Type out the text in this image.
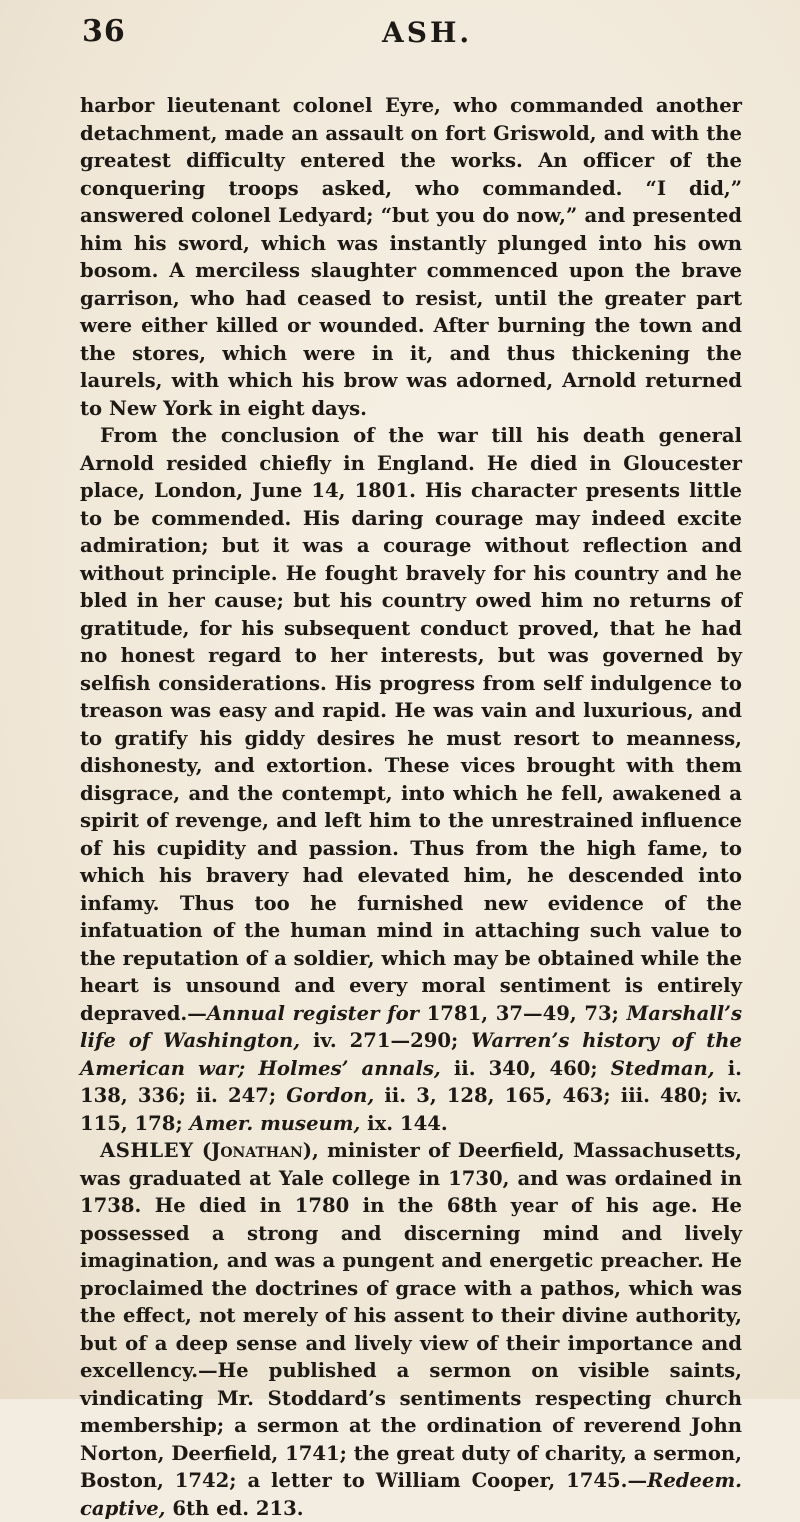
36	ASH.

harbor lieutenant colonel Eyre, who commanded another detachment, made an assault on fort Griswold, and with the greatest difficulty entered the works. An officer of the conquering troops asked, who commanded. “I did,” answered colonel Ledyard; “but you do now,” and presented him his sword, which was instantly plunged into his own bosom. A merciless slaughter commenced upon the brave garrison, who had ceased to resist, until the greater part were either killed or wounded. After burning the town and the stores, which were in it, and thus thickening the laurels, with which his brow was adorned, Arnold returned to New York in eight days.

From the conclusion of the war till his death general Arnold resided chiefly in England. He died in Gloucester place, London, June 14, 1801. His character presents little to be commended. His daring courage may indeed excite admiration; but it was a courage without reflection and without principle. He fought bravely for his country and he bled in her cause; but his country owed him no returns of gratitude, for his subsequent conduct proved, that he had no honest regard to her interests, but was governed by selfish considerations. His progress from self indulgence to treason was easy and rapid. He was vain and luxurious, and to gratify his giddy desires he must resort to meanness, dishonesty, and extortion. These vices brought with them disgrace, and the contempt, into which he fell, awakened a spirit of revenge, and left him to the unrestrained influence of his cupidity and passion. Thus from the high fame, to which his bravery had elevated him, he descended into infamy. Thus too he furnished new evidence of the infatuation of the human mind in attaching such value to the reputation of a soldier, which may be obtained while the heart is unsound and every moral sentiment is entirely depraved.—Annual register for 1781, 37—49, 73; Marshall’s life of Washington, iv. 271—290; Warren’s history of the American war; Holmes’ annals, ii. 340, 460; Stedman, i. 138, 336; ii. 247; Gordon, ii. 3, 128, 165, 463; iii. 480; iv. 115, 178; Amer. museum, ix. 144.

ASHLEY (Jonathan), minister of Deerfield, Massachusetts, was graduated at Yale college in 1730, and was ordained in 1738. He died in 1780 in the 68th year of his age. He possessed a strong and discerning mind and lively imagination, and was a pungent and energetic preacher. He proclaimed the doctrines of grace with a pathos, which was the effect, not merely of his assent to their divine authority, but of a deep sense and lively view of their importance and excellency.—He published a sermon on visible saints, vindicating Mr. Stoddard’s sentiments respecting church membership; a sermon at the ordination of reverend John Norton, Deerfield, 1741; the great duty of charity, a sermon, Boston, 1742; a letter to William Cooper, 1745.—Redeem. captive, 6th ed. 213.
